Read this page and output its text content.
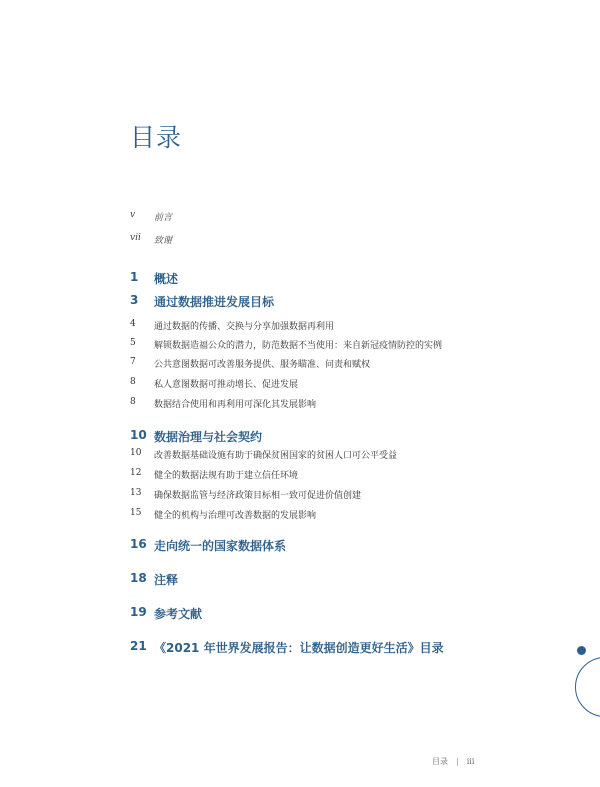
目录
v 前言
vii 致谢
1 概述
3 通过数据推进发展目标
4 通过数据的传播、交换与分享加强数据再利用
5 解锁数据造福公众的潜力，防范数据不当使用：来自新冠疫情防控的实例
7 公共意图数据可改善服务提供、服务瞄准、问责和赋权
8 私人意图数据可推动增长、促进发展
8 数据结合使用和再利用可深化其发展影响
10 数据治理与社会契约
10 改善数据基础设施有助于确保贫困国家的贫困人口可公平受益
12 健全的数据法规有助于建立信任环境
13 确保数据监管与经济政策目标相一致可促进价值创建
15 健全的机构与治理可改善数据的发展影响
16 走向统一的国家数据体系
18 注释
19 参考文献
21 《2021 年世界发展报告：让数据创造更好生活》目录
目录 | iii
